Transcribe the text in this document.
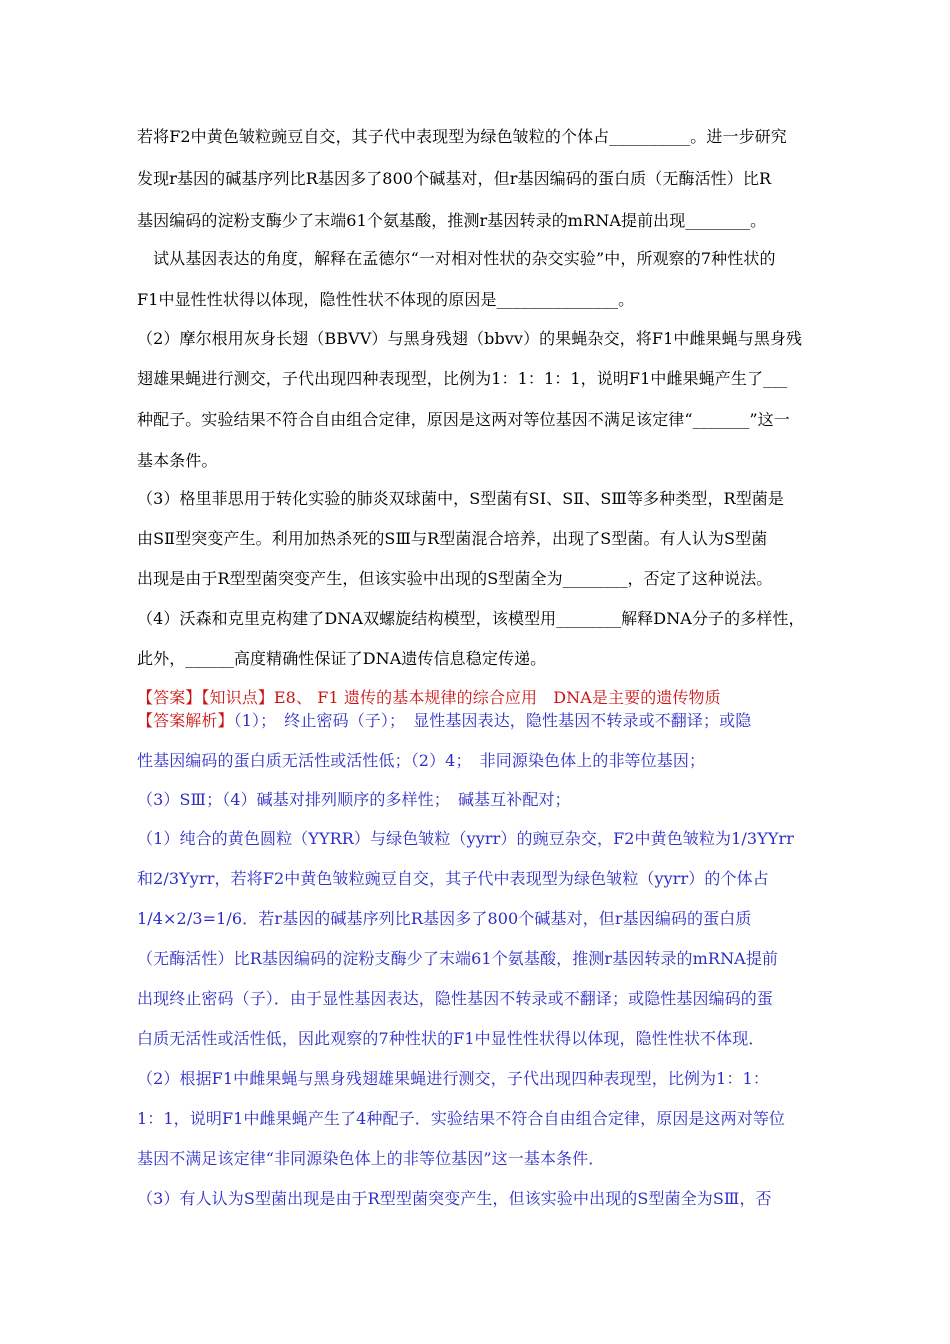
若将F2中黄色皱粒豌豆自交，其子代中表现型为绿色皱粒的个体占__________。进一步研究
发现r基因的碱基序列比R基因多了800个碱基对，但r基因编码的蛋白质（无酶活性）比R
基因编码的淀粉支酶少了末端61个氨基酸，推测r基因转录的mRNA提前出现________。
试从基因表达的角度，解释在孟德尔“一对相对性状的杂交实验”中，所观察的7种性状的
F1中显性性状得以体现，隐性性状不体现的原因是_______________。
（2）摩尔根用灰身长翅（BBVV）与黑身残翅（bbvv）的果蝇杂交，将F1中雌果蝇与黑身残
翅雄果蝇进行测交，子代出现四种表现型，比例为1：1：1：1，说明F1中雌果蝇产生了___
种配子。实验结果不符合自由组合定律，原因是这两对等位基因不满足该定律“_______”这一
基本条件。
（3）格里菲思用于转化实验的肺炎双球菌中，S型菌有SⅠ、SⅡ、SⅢ等多种类型，R型菌是
由SⅡ型突变产生。利用加热杀死的SⅢ与R型菌混合培养，出现了S型菌。有人认为S型菌
出现是由于R型型菌突变产生，但该实验中出现的S型菌全为________，否定了这种说法。
（4）沃森和克里克构建了DNA双螺旋结构模型，该模型用________解释DNA分子的多样性，
此外，______高度精确性保证了DNA遗传信息稳定传递。
【答案】【知识点】E8、 F1 遗传的基本规律的综合应用　DNA是主要的遗传物质
【答案解析】（1）；　终止密码（子）；　显性基因表达，隐性基因不转录或不翻译；或隐
性基因编码的蛋白质无活性或活性低；（2）4；　非同源染色体上的非等位基因；
（3）SⅢ；（4）碱基对排列顺序的多样性；　碱基互补配对；
（1）纯合的黄色圆粒（YYRR）与绿色皱粒（yyrr）的豌豆杂交，F2中黄色皱粒为1/3YYrr
和2/3Yyrr，若将F2中黄色皱粒豌豆自交，其子代中表现型为绿色皱粒（yyrr）的个体占
1/4×2/3=1/6．若r基因的碱基序列比R基因多了800个碱基对，但r基因编码的蛋白质
（无酶活性）比R基因编码的淀粉支酶少了末端61个氨基酸，推测r基因转录的mRNA提前
出现终止密码（子）．由于显性基因表达，隐性基因不转录或不翻译；或隐性基因编码的蛋
白质无活性或活性低，因此观察的7种性状的F1中显性性状得以体现，隐性性状不体现．
（2）根据F1中雌果蝇与黑身残翅雄果蝇进行测交，子代出现四种表现型，比例为1：1：
1：1，说明F1中雌果蝇产生了4种配子．实验结果不符合自由组合定律，原因是这两对等位
基因不满足该定律“非同源染色体上的非等位基因”这一基本条件．
（3）有人认为S型菌出现是由于R型型菌突变产生，但该实验中出现的S型菌全为SⅢ，否
